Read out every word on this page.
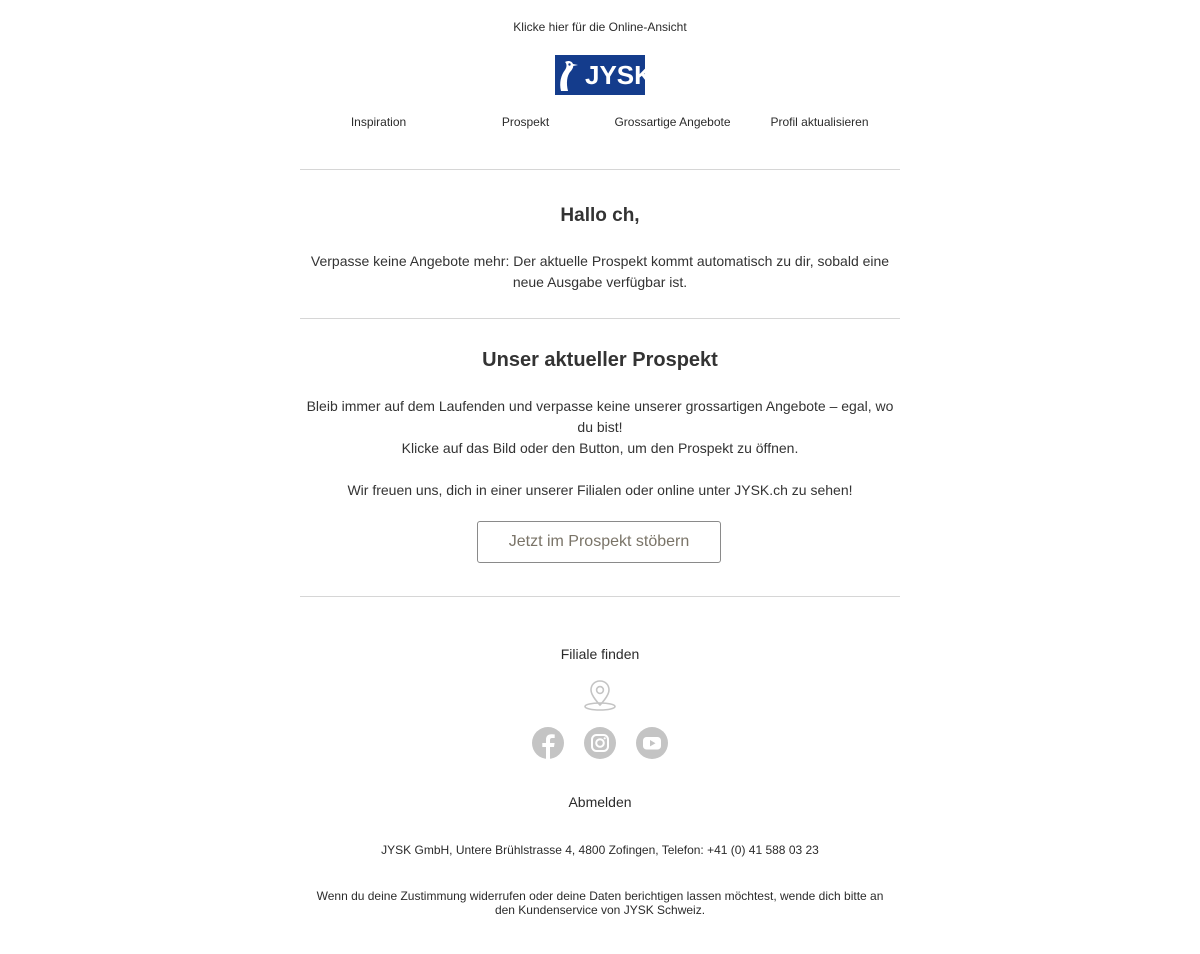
Klicke hier für die Online-Ansicht
JYSK
Inspiration	Prospekt	Grossartige Angebote	Profil aktualisieren
Hallo ch,
Verpasse keine Angebote mehr: Der aktuelle Prospekt kommt automatisch zu dir, sobald eine
neue Ausgabe verfügbar ist.
Unser aktueller Prospekt
Bleib immer auf dem Laufenden und verpasse keine unserer grossartigen Angebote – egal, wo
du bist!
Klicke auf das Bild oder den Button, um den Prospekt zu öffnen.
Wir freuen uns, dich in einer unserer Filialen oder online unter JYSK.ch zu sehen!
Jetzt im Prospekt stöbern
Filiale finden
Abmelden
JYSK GmbH, Untere Brühlstrasse 4, 4800 Zofingen, Telefon: +41 (0) 41 588 03 23
Wenn du deine Zustimmung widerrufen oder deine Daten berichtigen lassen möchtest, wende dich bitte an
den Kundenservice von JYSK Schweiz.
